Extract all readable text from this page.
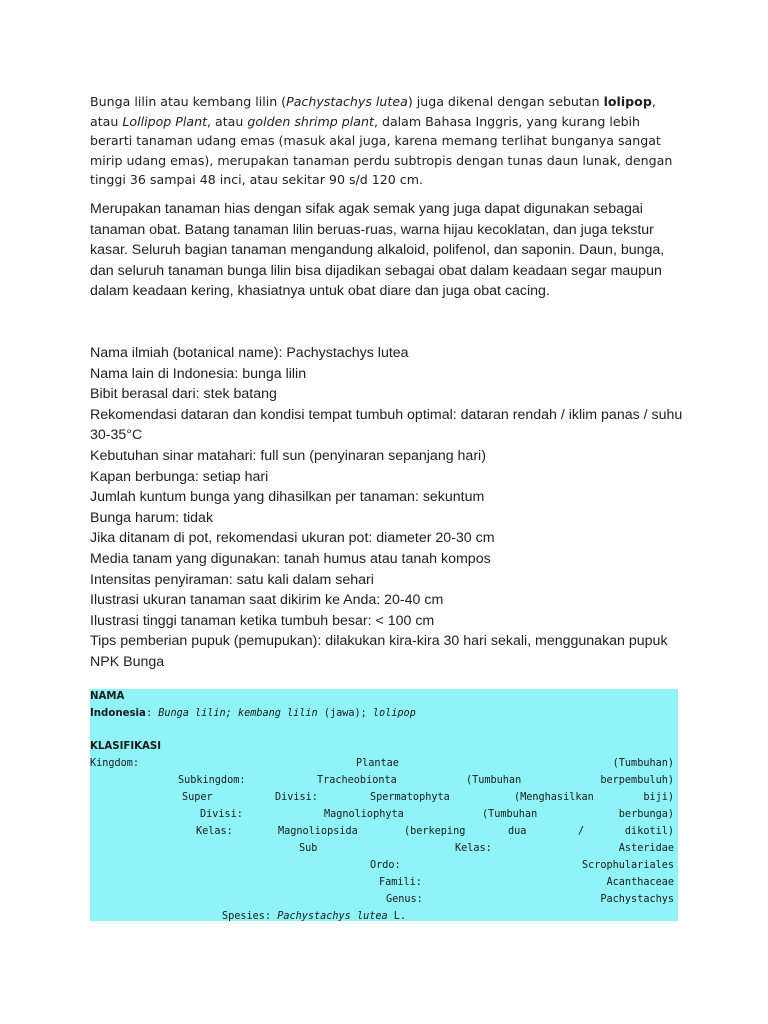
Bunga lilin atau kembang lilin (Pachystachys lutea) juga dikenal dengan sebutan lolipop,
atau Lollipop Plant, atau golden shrimp plant, dalam Bahasa Inggris, yang kurang lebih berarti tanaman udang emas (masuk akal juga, karena memang terlihat bunganya sangat mirip udang emas), merupakan tanaman perdu subtropis dengan tunas daun lunak, dengan tinggi 36 sampai 48 inci, atau sekitar 90 s/d 120 cm.

Merupakan tanaman hias dengan sifak agak semak yang juga dapat digunakan sebagai tanaman obat. Batang tanaman lilin beruas-ruas, warna hijau kecoklatan, dan juga tekstur kasar. Seluruh bagian tanaman mengandung alkaloid, polifenol, dan saponin. Daun, bunga, dan seluruh tanaman bunga lilin bisa dijadikan sebagai obat dalam keadaan segar maupun dalam keadaan kering, khasiatnya untuk obat diare dan juga obat cacing.

Nama ilmiah (botanical name): Pachystachys lutea
Nama lain di Indonesia: bunga lilin
Bibit berasal dari: stek batang
Rekomendasi dataran dan kondisi tempat tumbuh optimal: dataran rendah / iklim panas / suhu 30-35°C
Kebutuhan sinar matahari: full sun (penyinaran sepanjang hari)
Kapan berbunga: setiap hari
Jumlah kuntum bunga yang dihasilkan per tanaman: sekuntum
Bunga harum: tidak
Jika ditanam di pot, rekomendasi ukuran pot: diameter 20-30 cm
Media tanam yang digunakan: tanah humus atau tanah kompos
Intensitas penyiraman: satu kali dalam sehari
Ilustrasi ukuran tanaman saat dikirim ke Anda: 20-40 cm
Ilustrasi tinggi tanaman ketika tumbuh besar: < 100 cm
Tips pemberian pupuk (pemupukan): dilakukan kira-kira 30 hari sekali, menggunakan pupuk NPK Bunga
NAMA
Indonesia: Bunga lilin; kembang lilin (jawa); lolipop
KLASIFIKASI
Kingdom:	Plantae	(Tumbuhan)
Subkingdom:	Tracheobionta	(Tumbuhan	berpembuluh)
Super	Divisi:	Spermatophyta	(Menghasilkan	biji)
Divisi:	Magnoliophyta	(Tumbuhan	berbunga)
Kelas:	Magnoliopsida	(berkeping	dua	/	dikotil)
Sub	Kelas:	Asteridae
Ordo:	Scrophulariales
Famili:	Acanthaceae
Genus:	Pachystachys
Spesies: Pachystachys lutea L.
